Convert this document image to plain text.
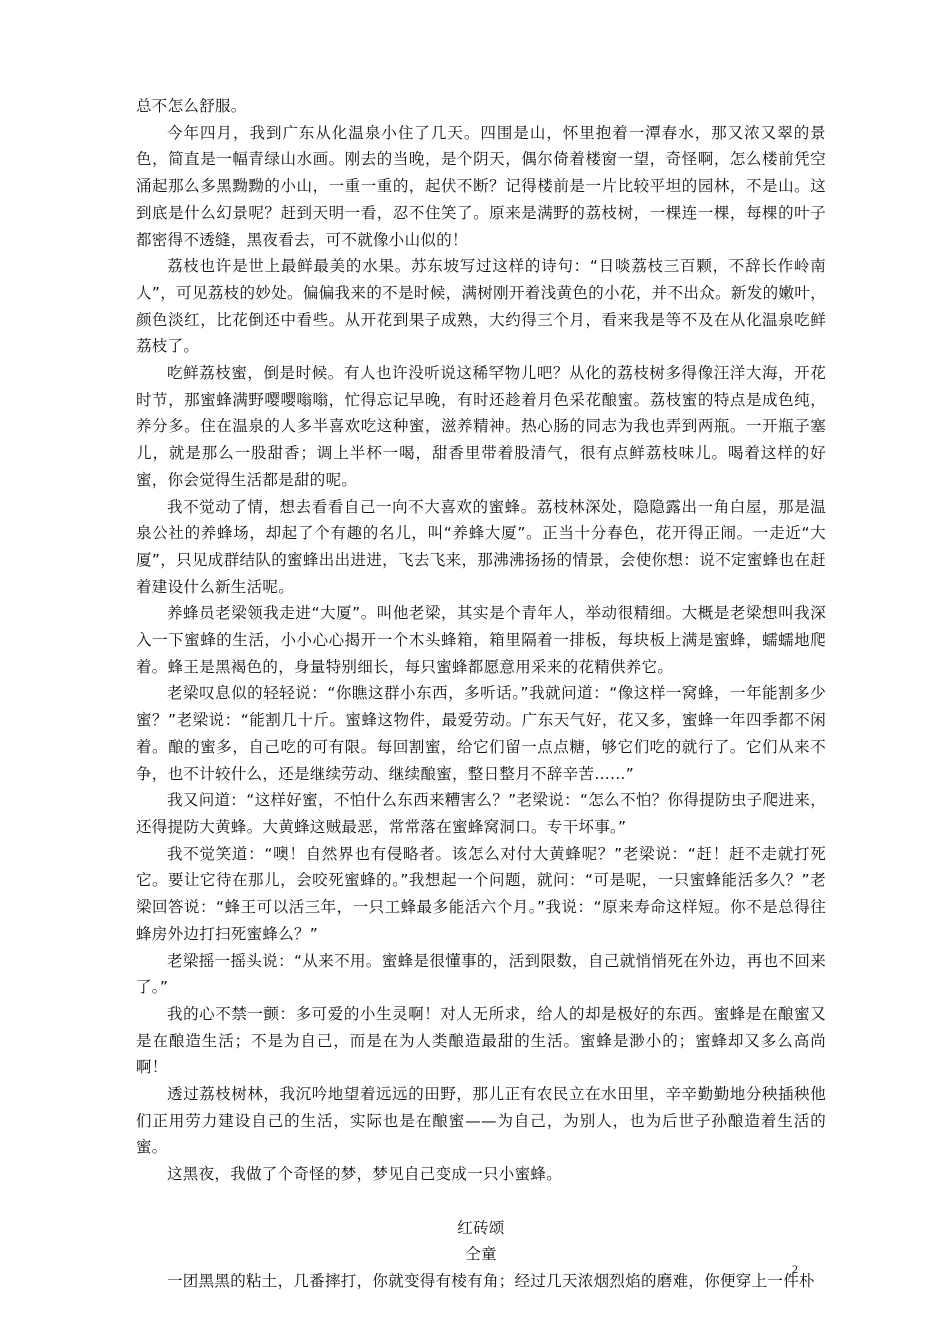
总不怎么舒服。

今年四月，我到广东从化温泉小住了几天。四围是山，怀里抱着一潭春水，那又浓又翠的景色，简直是一幅青绿山水画。刚去的当晚，是个阴天，偶尔倚着楼窗一望，奇怪啊，怎么楼前凭空涌起那么多黑黝黝的小山，一重一重的，起伏不断？记得楼前是一片比较平坦的园林，不是山。这到底是什么幻景呢？赶到天明一看，忍不住笑了。原来是满野的荔枝树，一棵连一棵，每棵的叶子都密得不透缝，黑夜看去，可不就像小山似的！

荔枝也许是世上最鲜最美的水果。苏东坡写过这样的诗句：“日啖荔枝三百颗，不辞长作岭南人”，可见荔枝的妙处。偏偏我来的不是时候，满树刚开着浅黄色的小花，并不出众。新发的嫩叶，颜色淡红，比花倒还中看些。从开花到果子成熟，大约得三个月，看来我是等不及在从化温泉吃鲜荔枝了。

吃鲜荔枝蜜，倒是时候。有人也许没听说这稀罕物儿吧？从化的荔枝树多得像汪洋大海，开花时节，那蜜蜂满野嘤嘤嗡嗡，忙得忘记早晚，有时还趁着月色采花酿蜜。荔枝蜜的特点是成色纯，养分多。住在温泉的人多半喜欢吃这种蜜，滋养精神。热心肠的同志为我也弄到两瓶。一开瓶子塞儿，就是那么一股甜香；调上半杯一喝，甜香里带着股清气，很有点鲜荔枝味儿。喝着这样的好蜜，你会觉得生活都是甜的呢。

我不觉动了情，想去看看自己一向不大喜欢的蜜蜂。荔枝林深处，隐隐露出一角白屋，那是温泉公社的养蜂场，却起了个有趣的名儿，叫“养蜂大厦”。正当十分春色，花开得正闹。一走近“大厦”，只见成群结队的蜜蜂出出进进，飞去飞来，那沸沸扬扬的情景，会使你想：说不定蜜蜂也在赶着建设什么新生活呢。

养蜂员老梁领我走进“大厦”。叫他老梁，其实是个青年人，举动很精细。大概是老梁想叫我深入一下蜜蜂的生活，小小心心揭开一个木头蜂箱，箱里隔着一排板，每块板上满是蜜蜂，蠕蠕地爬着。蜂王是黑褐色的，身量特别细长，每只蜜蜂都愿意用采来的花精供养它。

老梁叹息似的轻轻说：“你瞧这群小东西，多听话。”我就问道：“像这样一窝蜂，一年能割多少蜜？”老梁说：“能割几十斤。蜜蜂这物件，最爱劳动。广东天气好，花又多，蜜蜂一年四季都不闲着。酿的蜜多，自己吃的可有限。每回割蜜，给它们留一点点糖，够它们吃的就行了。它们从来不争，也不计较什么，还是继续劳动、继续酿蜜，整日整月不辞辛苦……”

我又问道：“这样好蜜，不怕什么东西来糟害么？”老梁说：“怎么不怕？你得提防虫子爬进来，还得提防大黄蜂。大黄蜂这贼最恶，常常落在蜜蜂窝洞口。专干坏事。”

我不觉笑道：“噢！自然界也有侵略者。该怎么对付大黄蜂呢？”老梁说：“赶！赶不走就打死它。要让它待在那儿，会咬死蜜蜂的。”我想起一个问题，就问：“可是呢，一只蜜蜂能活多久？”老梁回答说：“蜂王可以活三年，一只工蜂最多能活六个月。”我说：“原来寿命这样短。你不是总得往蜂房外边打扫死蜜蜂么？”

老梁摇一摇头说：“从来不用。蜜蜂是很懂事的，活到限数，自己就悄悄死在外边，再也不回来了。”

我的心不禁一颤：多可爱的小生灵啊！对人无所求，给人的却是极好的东西。蜜蜂是在酿蜜又是在酿造生活；不是为自己，而是在为人类酿造最甜的生活。蜜蜂是渺小的；蜜蜂却又多么高尚啊！

透过荔枝树林，我沉吟地望着远远的田野，那儿正有农民立在水田里，辛辛勤勤地分秧插秧他们正用劳力建设自己的生活，实际也是在酿蜜——为自己，为别人，也为后世子孙酿造着生活的蜜。

这黑夜，我做了个奇怪的梦，梦见自己变成一只小蜜蜂。

红砖颂

仝童

一团黑黑的粘土，几番摔打，你就变得有棱有角；经过几天浓烟烈焰的磨难，你便穿上一件朴

2
